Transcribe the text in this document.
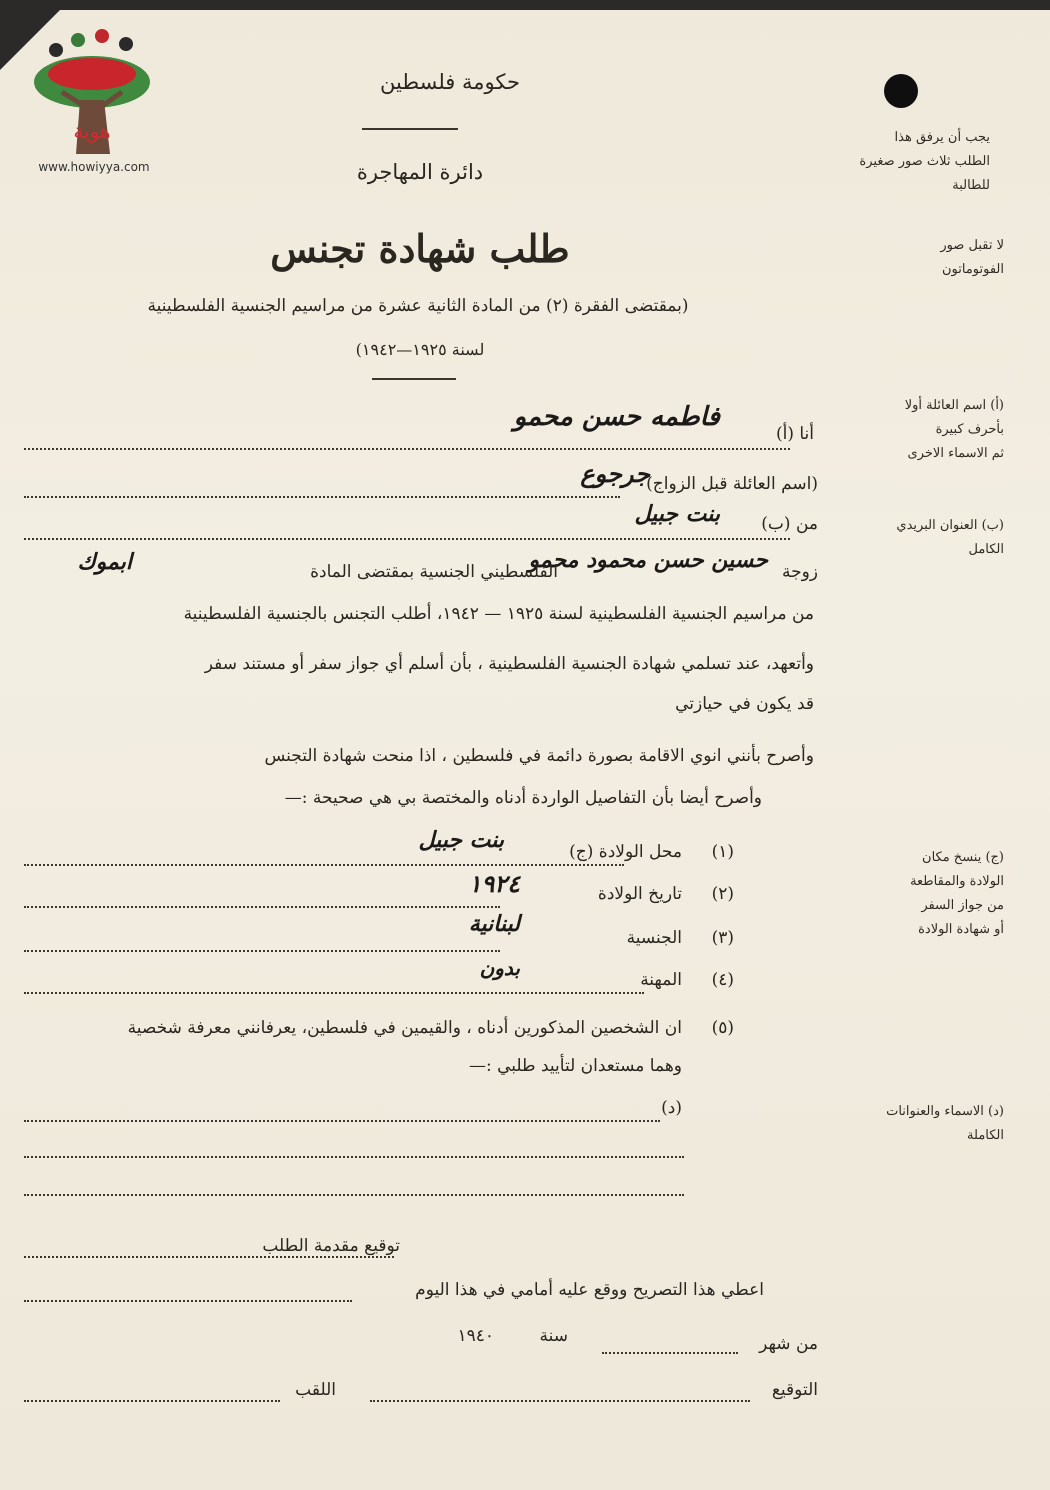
هوية
www.howiyya.com
حكومة فلسطين
دائرة المهاجرة
طلب شهادة تجنس
(بمقتضى الفقرة (٢) من المادة الثانية عشرة من مراسيم الجنسية الفلسطينية
لسنة ١٩٢٥—١٩٤٢)
يجب أن يرفق هذا
الطلب ثلاث صور صغيرة
للطالبة
لا تقبل صور
الفوتوماتون
(أ) اسم العائلة أولا
بأحرف كبيرة
ثم الاسماء الاخرى
(ب) العنوان البريدي
الكامل
(ج) ينسخ مكان
الولادة والمقاطعة
من جواز السفر
أو شهادة الولادة
(د) الاسماء والعنوانات
الكاملة
أنا (أ)
فاطمه حسن محمو
(اسم العائلة قبل الزواج)
جرجوع
من (ب)
بنت جبيل
زوجة
حسين حسن محمود محمو
الفلسطيني الجنسية بمقتضى المادة
ابموك
من مراسيم الجنسية الفلسطينية لسنة ١٩٢٥ — ١٩٤٢، أطلب التجنس بالجنسية الفلسطينية
وأتعهد، عند تسلمي شهادة الجنسية الفلسطينية ، بأن أسلم أي جواز سفر أو مستند سفر
قد يكون في حيازتي
وأصرح بأنني انوي الاقامة بصورة دائمة في فلسطين ، اذا منحت شهادة التجنس
وأصرح أيضا بأن التفاصيل الواردة أدناه والمختصة بي هي صحيحة :—
(١)
محل الولادة (ج)
بنت جبيل
(٢)
تاريخ الولادة
١٩٢٤
(٣)
الجنسية
لبنانية
(٤)
المهنة
بدون
(٥)
ان الشخصين المذكورين أدناه ، والقيمين في فلسطين، يعرفانني معرفة شخصية
وهما مستعدان لتأييد طلبي :—
(د)
توقيع مقدمة الطلب
اعطي هذا التصريح ووقع عليه أمامي في هذا اليوم
من شهر
سنة
١٩٤٠
التوقيع
اللقب
